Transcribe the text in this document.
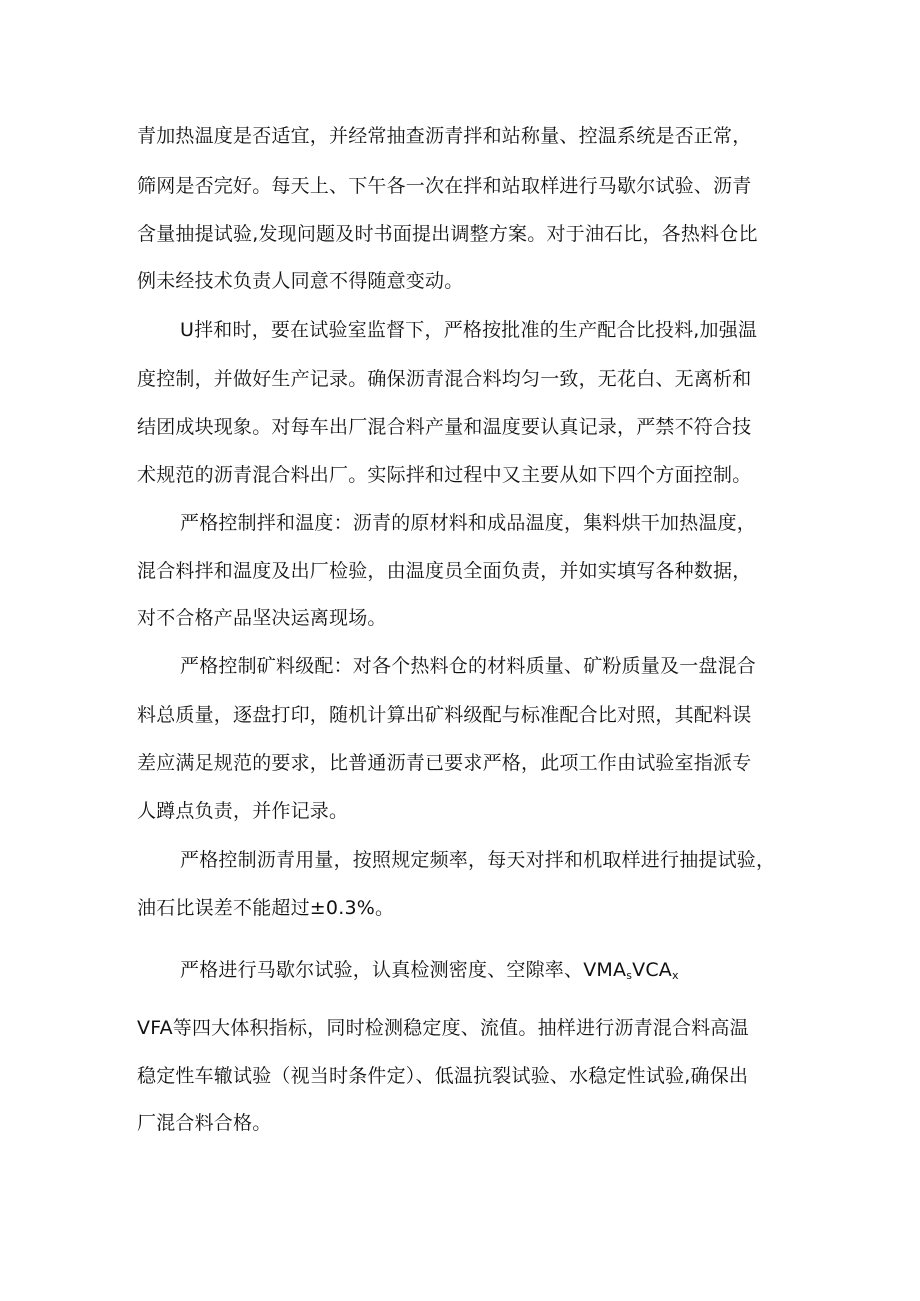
青加热温度是否适宜，并经常抽查沥青拌和站称量、控温系统是否正常，
筛网是否完好。每天上、下午各一次在拌和站取样进行马歇尔试验、沥青
含量抽提试验,发现问题及时书面提出调整方案。对于油石比，各热料仓比
例未经技术负责人同意不得随意变动。
U拌和时，要在试验室监督下，严格按批准的生产配合比投料,加强温
度控制，并做好生产记录。确保沥青混合料均匀一致，无花白、无离析和
结团成块现象。对每车出厂混合料产量和温度要认真记录，严禁不符合技
术规范的沥青混合料出厂。实际拌和过程中又主要从如下四个方面控制。
严格控制拌和温度：沥青的原材料和成品温度，集料烘干加热温度，
混合料拌和温度及出厂检验，由温度员全面负责，并如实填写各种数据，
对不合格产品坚决运离现场。
严格控制矿料级配：对各个热料仓的材料质量、矿粉质量及一盘混合
料总质量，逐盘打印，随机计算出矿料级配与标准配合比对照，其配料误
差应满足规范的要求，比普通沥青已要求严格，此项工作由试验室指派专
人蹲点负责，并作记录。
严格控制沥青用量，按照规定频率，每天对拌和机取样进行抽提试验，
油石比误差不能超过±0.3%。
严格进行马歇尔试验，认真检测密度、空隙率、$VMA_sVCA_x$
VFA等四大体积指标，同时检测稳定度、流值。抽样进行沥青混合料高温
稳定性车辙试验（视当时条件定）、低温抗裂试验、水稳定性试验,确保出
厂混合料合格。
